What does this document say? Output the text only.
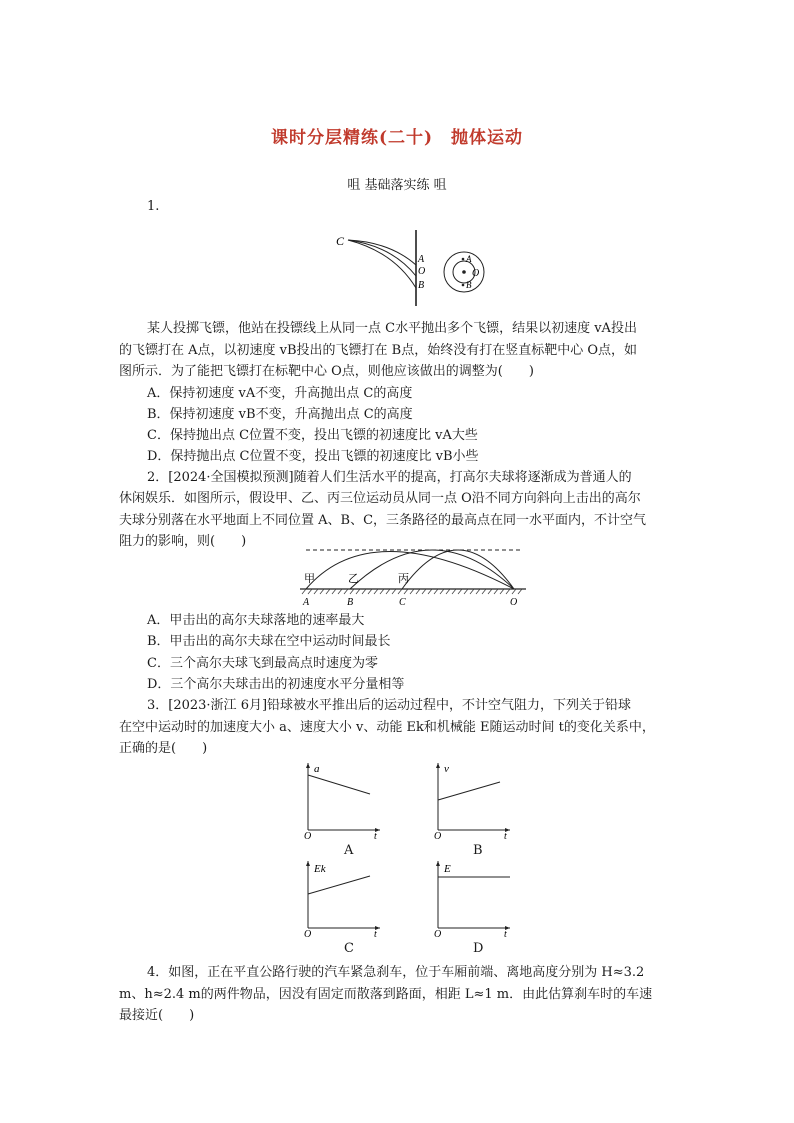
课时分层精练(二十)　抛体运动
咀 基础落实练 咀
1.
C
A
O
B
A
O
B
某人投掷飞镖，他站在投镖线上从同一点 C水平抛出多个飞镖，结果以初速度 vA投出
的飞镖打在 A点，以初速度 vB投出的飞镖打在 B点，始终没有打在竖直标靶中心 O点，如
图所示．为了能把飞镖打在标靶中心 O点，则他应该做出的调整为(　　)
A．保持初速度 vA不变，升高抛出点 C的高度
B．保持初速度 vB不变，升高抛出点 C的高度
C．保持抛出点 C位置不变，投出飞镖的初速度比 vA大些
D．保持抛出点 C位置不变，投出飞镖的初速度比 vB小些
2．[2024·全国模拟预测]随着人们生活水平的提高，打高尔夫球将逐渐成为普通人的
休闲娱乐．如图所示，假设甲、乙、丙三位运动员从同一点 O沿不同方向斜向上击出的高尔
夫球分别落在水平地面上不同位置 A、B、C，三条路径的最高点在同一水平面内，不计空气
阻力的影响，则(　　)
甲	乙	丙
A	B	C	O
A．甲击出的高尔夫球落地的速率最大
B．甲击出的高尔夫球在空中运动时间最长
C．三个高尔夫球飞到最高点时速度为零
D．三个高尔夫球击出的初速度水平分量相等
3．[2023·浙江 6月]铅球被水平推出后的运动过程中，不计空气阻力，下列关于铅球
在空中运动时的加速度大小 a、速度大小 v、动能 Ek和机械能 E随运动时间 t的变化关系中，
正确的是(　　)
a
O	t
A
v
O	t
B
Ek
O	t
C
E
O	t
D
4．如图，正在平直公路行驶的汽车紧急刹车，位于车厢前端、离地高度分别为 H≈3.2
m、h≈2.4 m的两件物品，因没有固定而散落到路面，相距 L≈1 m．由此估算刹车时的车速
最接近(　　)
